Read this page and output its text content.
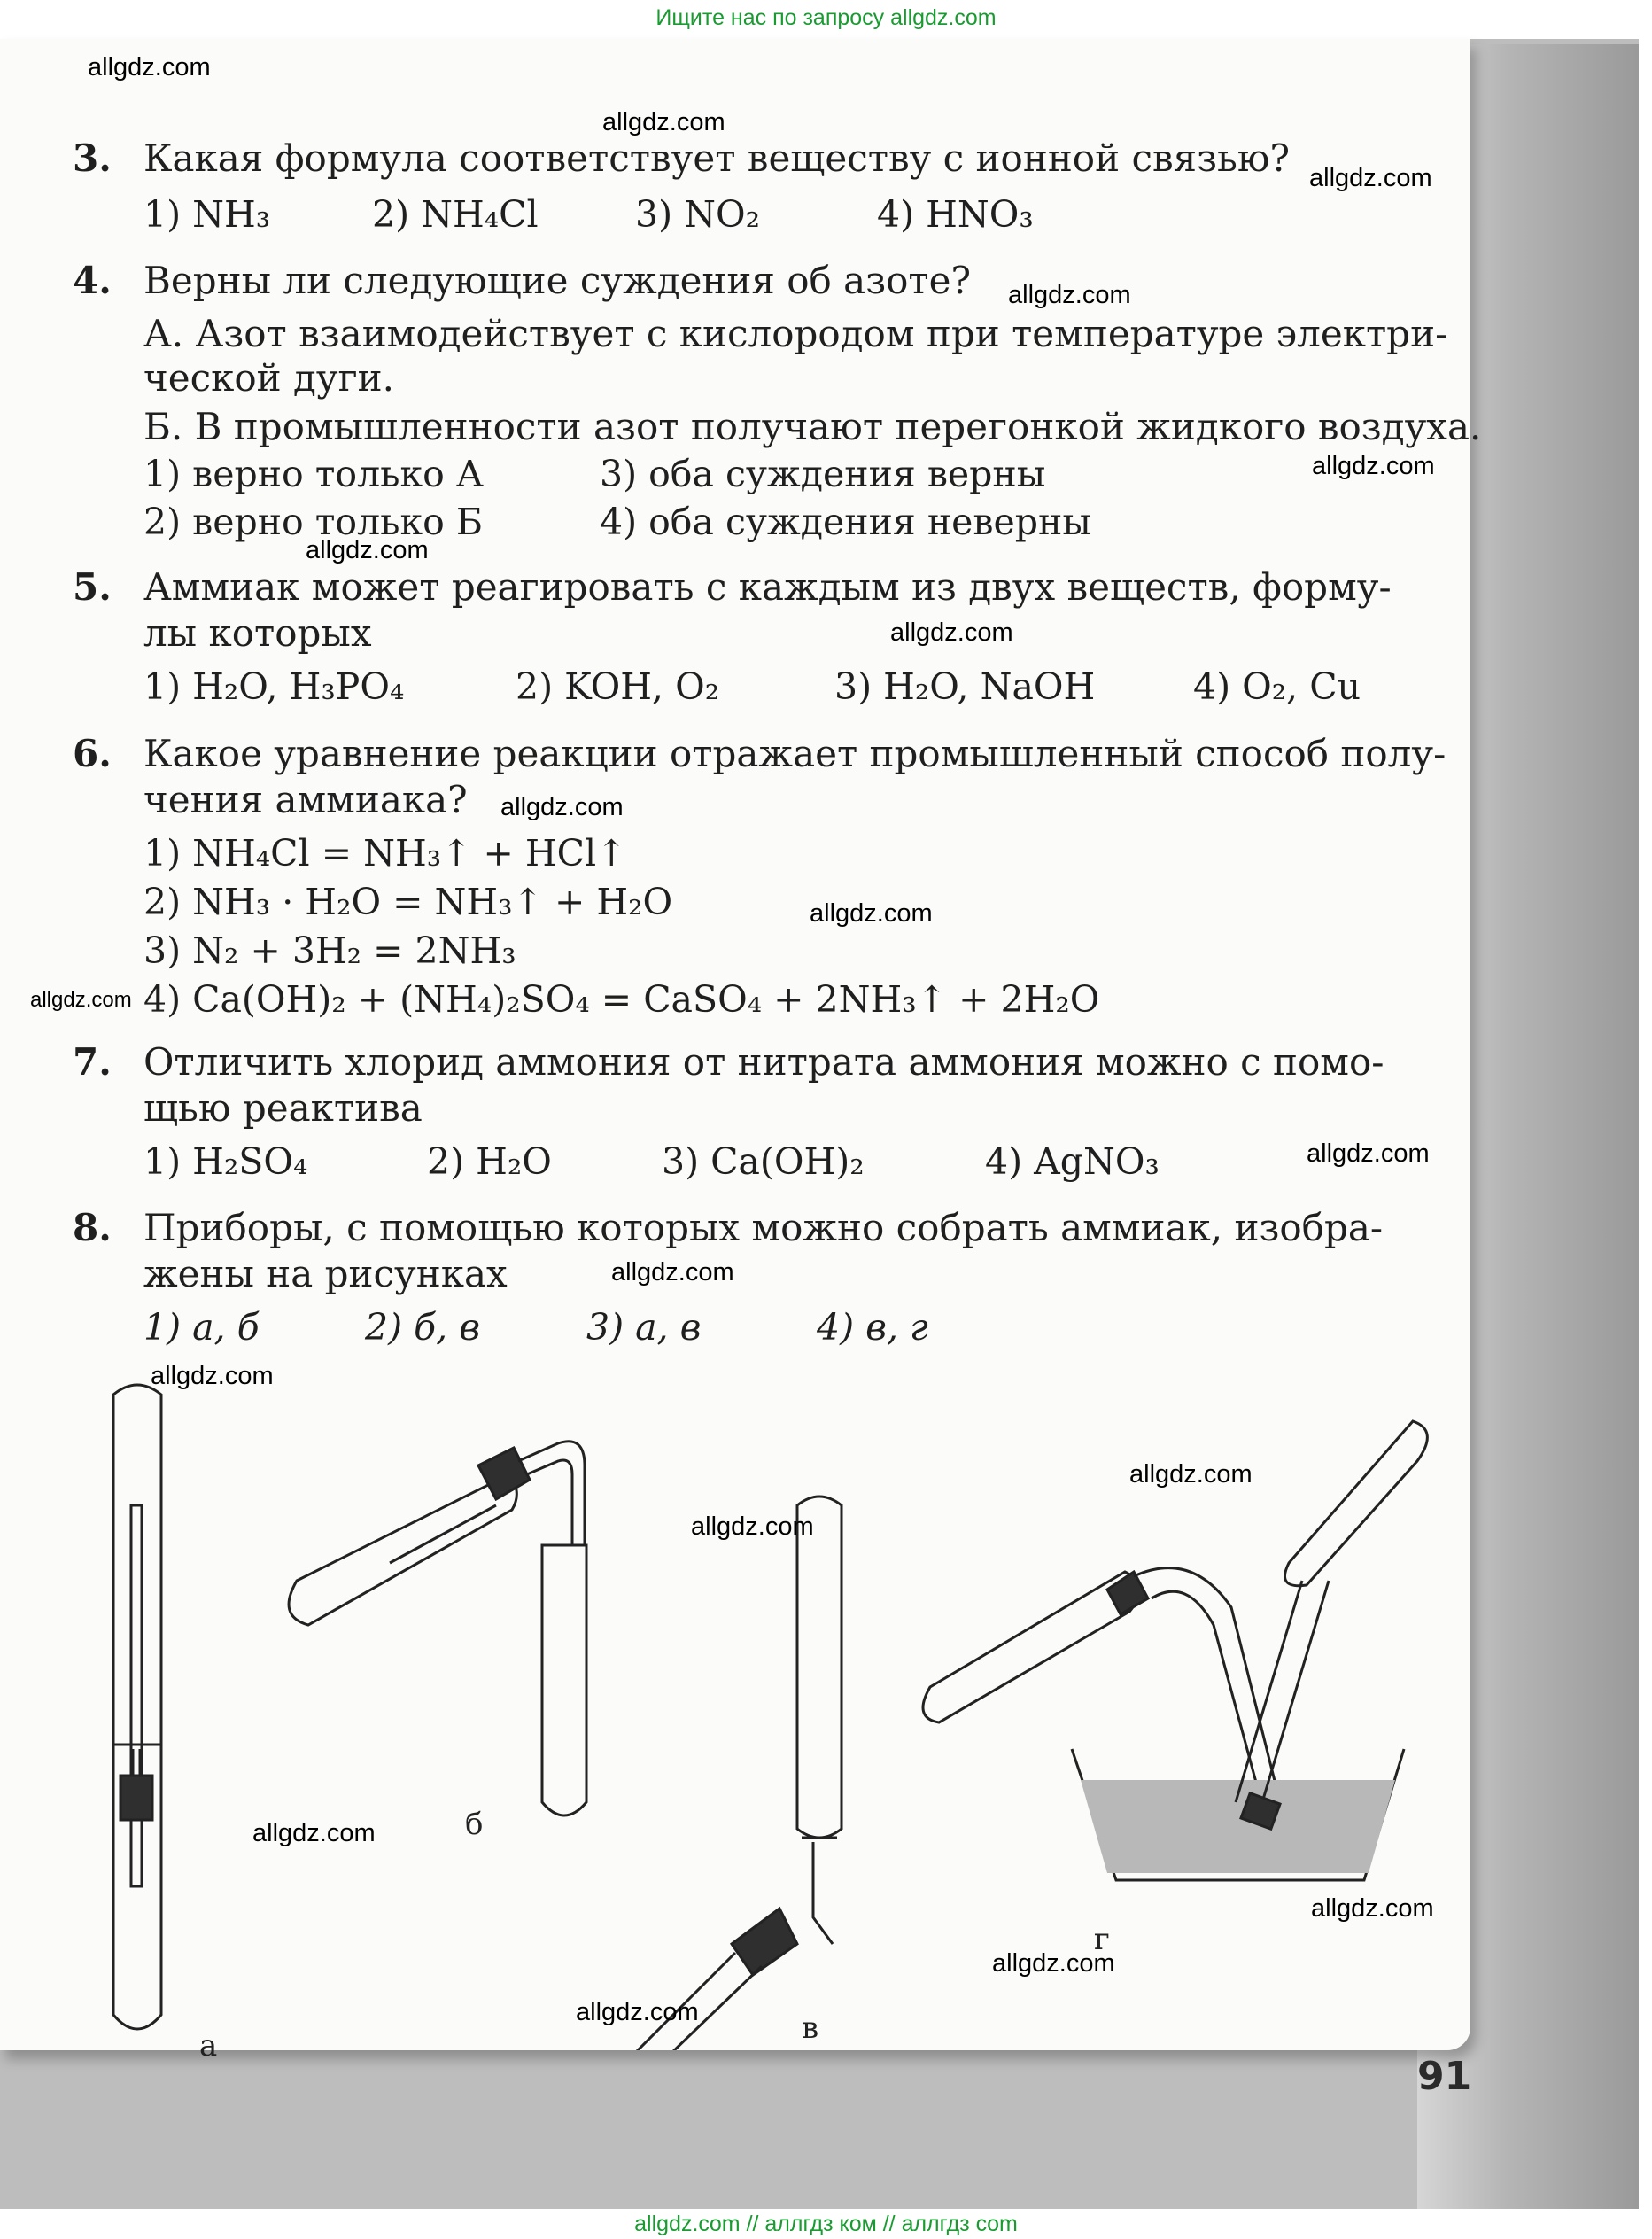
Ищите нас по запросу allgdz.com
3. Какая формула соответствует веществу с ионной связью?
1) NH₃	2) NH₄Cl	3) NO₂	4) HNO₃
4. Верны ли следующие суждения об азоте?
А. Азот взаимодействует с кислородом при температуре электри-
ческой дуги.
Б. В промышленности азот получают перегонкой жидкого воздуха.
1) верно только А	3) оба суждения верны
2) верно только Б	4) оба суждения неверны
5. Аммиак может реагировать с каждым из двух веществ, форму-
лы которых
1) H₂O, H₃PO₄	2) KOH, O₂	3) H₂O, NaOH	4) O₂, Cu
6. Какое уравнение реакции отражает промышленный способ полу-
чения аммиака?
1) NH₄Cl = NH₃↑ + HCl↑
2) NH₃ · H₂O = NH₃↑ + H₂O
3) N₂ + 3H₂ = 2NH₃
4) Ca(OH)₂ + (NH₄)₂SO₄ = CaSO₄ + 2NH₃↑ + 2H₂O
7. Отличить хлорид аммония от нитрата аммония можно с помо-
щью реактива
1) H₂SO₄	2) H₂O	3) Ca(OH)₂	4) AgNO₃
8. Приборы, с помощью которых можно собрать аммиак, изобра-
жены на рисунках
1) а, б	2) б, в	3) а, в	4) в, г
а
б
в
г
allgdz.com
allgdz.com
allgdz.com
allgdz.com
allgdz.com
allgdz.com
allgdz.com
allgdz.com
allgdz.com
allgdz.com
allgdz.com
allgdz.com
allgdz.com
allgdz.com
allgdz.com
allgdz.com
allgdz.com
allgdz.com
allgdz.com
91
allgdz.com // аллгдз ком // аллгдз com
